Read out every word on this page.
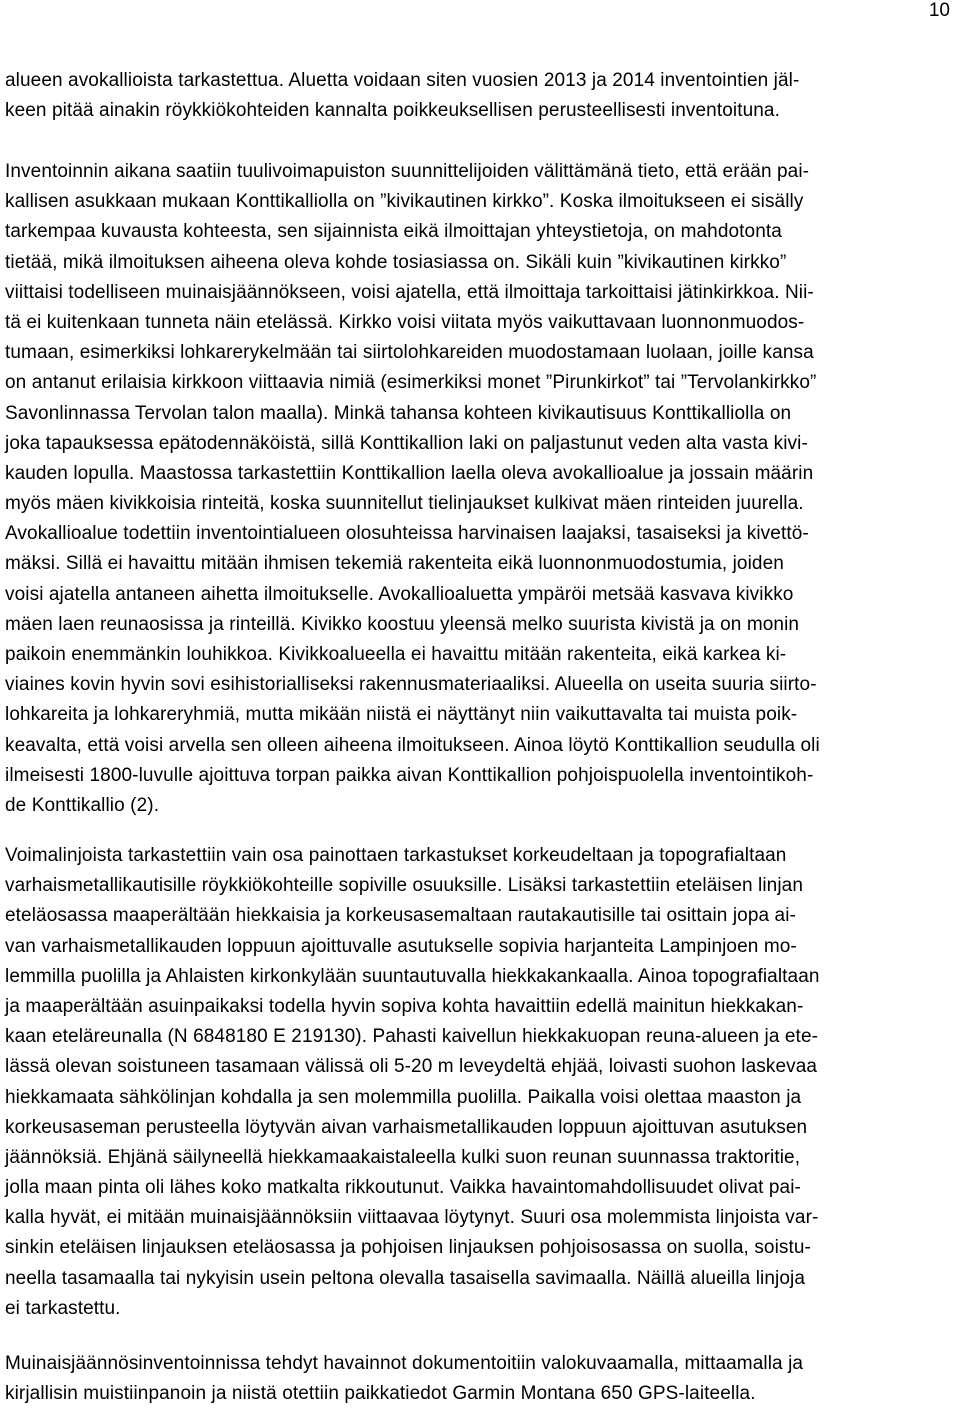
10
alueen avokallioista tarkastettua. Aluetta voidaan siten vuosien 2013 ja 2014 inventointien jäl-
keen pitää ainakin röykkiökohteiden kannalta poikkeuksellisen perusteellisesti inventoitun​a.
Inventoinnin aikana saatiin tuulivoimapuiston suunnittelijoiden välittämänä tieto, että erään pai-
kallisen asukkaan mukaan Konttikalliolla on ”kivikautinen kirkko”. Koska ilmoitukseen ei sisälly
tarkempaa kuvausta kohteesta, sen sijainnista eikä ilmoittajan yhteystietoja, on mahdotonta
tietää, mikä ilmoituksen aiheena oleva kohde tosiasiassa on. Sikäli kuin ”kivikautinen kirkko”
viittaisi todelliseen muinaisjäännökseen, voisi ajatella, että ilmoittaja tarkoittaisi jätinkirkkoa. Nii-
tä ei kuitenkaan tunneta näin etelässä. Kirkko voisi viitata myös vaikuttavaan luonnonmuodos-
tumaan, esimerkiksi lohkarerykelmään tai siirtolohkareiden muodostamaan luolaan, joille kansa
on antanut erilaisia kirkkoon viittaavia nimiä (esimerkiksi monet ”Pirunkirkot” tai ”Tervolankirkko”
Savonlinnassa Tervolan talon maalla). Minkä tahansa kohteen kivikautisuus Konttikalliolla on
joka tapauksessa epätodennäköistä, sillä Konttikallion laki on paljastunut veden alta vasta kivi-
kauden lopulla. Maastossa tarkastettiin Konttikallion laella oleva avokallioalue ja jossain määrin
myös mäen kivikkoisia rinteitä, koska suunnitellut tielinjaukset kulkivat mäen rinteiden juurella.
Avokallioalue todettiin inventointialueen olosuhteissa harvinaisen laajaksi, tasaiseksi ja kivettö-
mäksi. Sillä ei havaittu mitään ihmisen tekemiä rakenteita eikä luonnonmuodostumia, joiden
voisi ajatella antaneen aihetta ilmoitukselle. Avokallioaluetta ympäröi metsää kasvava kivikko
mäen laen reunaosissa ja rinteillä. Kivikko koostuu yleensä melko suurista kivistä ja on monin
paikoin enemmänkin louhikkoa. Kivikkoalueella ei havaittu mitään rakenteita, eikä karkea ki-
viaines kovin hyvin sovi esihistorialliseksi rakennusmateriaaliksi. Alueella on useita suuria siirto-
lohkareita ja lohkareryhmiä, mutta mikään niistä ei näyttänyt niin vaikuttavalta tai muista poik-
keavalta, että voisi arvella sen olleen aiheena ilmoitukseen. Ainoa löytö Konttikallion seudulla oli
ilmeisesti 1800-luvulle ajoittuva torpan paikka aivan Konttikallion pohjoispuolella inventointikoh-
de Konttikallio (2).
Voimalinjoista tarkastettiin vain osa painottaen tarkastukset korkeudeltaan ja topografialtaan
varhaismetallikautisille röykkiökohteille sopiville osuuksille. Lisäksi tarkastettiin eteläisen linjan
eteläosassa maaperältään hiekkaisia ja korkeusasemaltaan rautakautisille tai osittain jopa ai-
van varhaismetallikauden loppuun ajoittuvalle asutukselle sopivia harjanteita Lampinjoen mo-
lemmilla puolilla ja Ahlaisten kirkonkylään suuntautuvalla hiekkakankaalla. Ainoa topografialtaan
ja maaperältään asuinpaikaksi todella hyvin sopiva kohta havaittiin edellä mainitun hiekkakan-
kaan eteläreunalla (N 6848180 E 219130). Pahasti kaivellun hiekkakuopan reuna-alueen ja ete-
lässä olevan soistuneen tasamaan välissä oli 5-20 m leveydeltä ehjää, loivasti suohon laskevaa
hiekkamaata sähkölinjan kohdalla ja sen molemmilla puolilla. Paikalla voisi olettaa maaston ja
korkeusaseman perusteella löytyvän aivan varhaismetallikauden loppuun ajoittuvan asutuksen
jäännöksiä. Ehjänä säilyneellä hiekkamaakaistaleella kulki suon reunan suunnassa traktoritie,
jolla maan pinta oli lähes koko matkalta rikkoutunut. Vaikka havaintomahdollisuudet olivat pai-
kalla hyvät, ei mitään muinaisjäännöksiin viittaavaa löytynyt. Suuri osa molemmista linjoista var-
sinkin eteläisen linjauksen eteläosassa ja pohjoisen linjauksen pohjoisosassa on suolla, soistu-
neella tasamaalla tai nykyisin usein peltona olevalla tasaisella savimaalla. Näillä alueilla linjoja
ei tarkastettu.
Muinaisjäännösinventoinnissa tehdyt havainnot dokumentoitiin valokuvaamalla, mittaamalla ja
kirjallisin muistiinpanoin ja niistä otettiin paikkatiedot Garmin Montana 650 GPS-laiteella.
